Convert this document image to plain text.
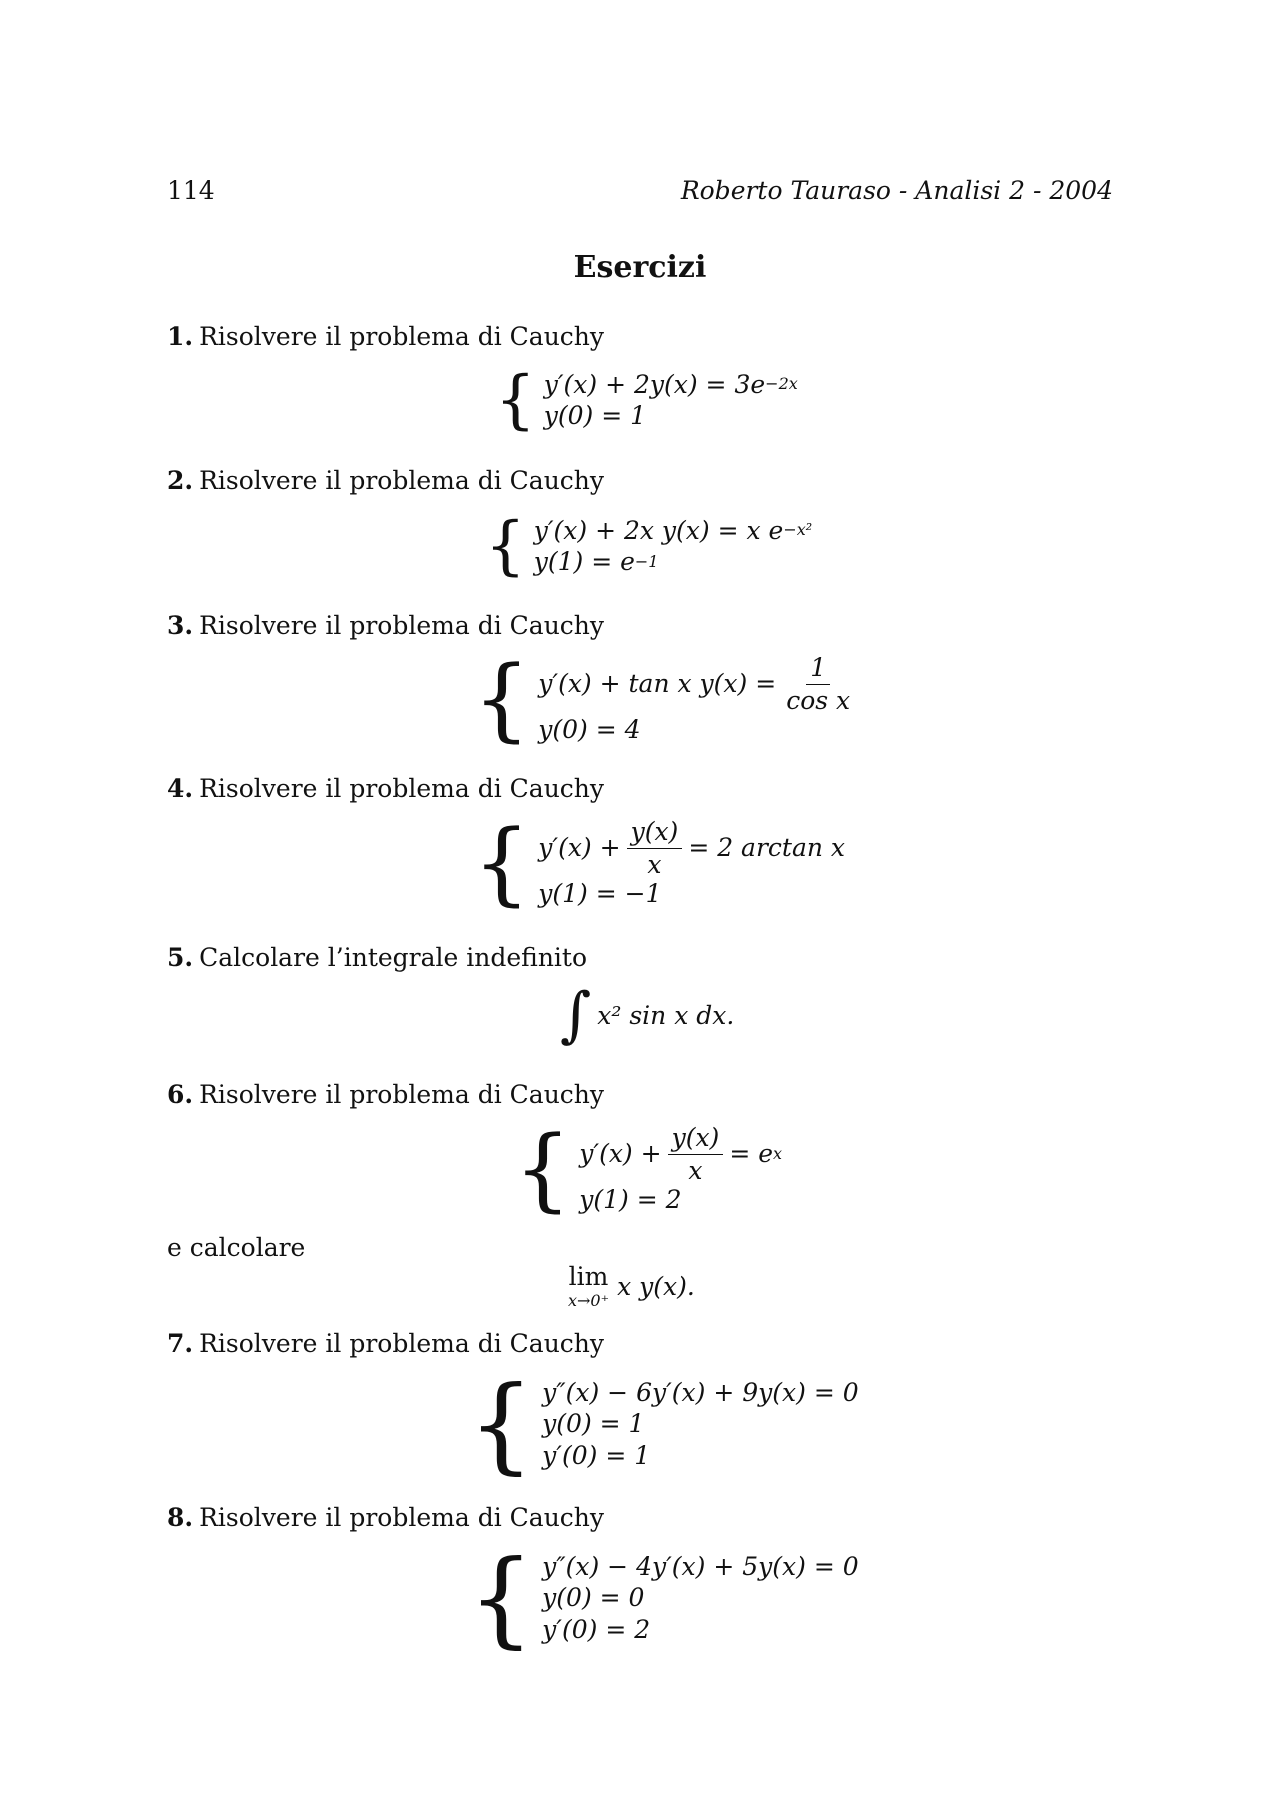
114	Roberto Tauraso - Analisi 2 - 2004
Esercizi
1. Risolvere il problema di Cauchy
{ y′(x) + 2y(x) = 3e −2x
y(0) = 1
2. Risolvere il problema di Cauchy
{ y′(x) + 2x y(x) = x e −x²
y(1) = e −1
3. Risolvere il problema di Cauchy
{ y′(x) + tan x $y(x) = \frac{1}{\text{cos x}}$
y(0) = 4
4. Risolvere il problema di Cauchy
{ $y'(x) + \frac{y(x)}{x} = 2$ arctan x
y(1) = −1
5. Calcolare l’integrale indefinito
∫ x² sin x dx.
6. Risolvere il problema di Cauchy
{ $y'(x) + \frac{y(x)}{x} = e$ x
y(1) = 2
e calcolare
lim
x→0⁺ x y(x).
7. Risolvere il problema di Cauchy
{ y″(x) − 6y′(x) + 9y(x) = 0
y(0) = 1
y′(0) = 1
8. Risolvere il problema di Cauchy
{ y″(x) − 4y′(x) + 5y(x) = 0
y(0) = 0
y′(0) = 2
